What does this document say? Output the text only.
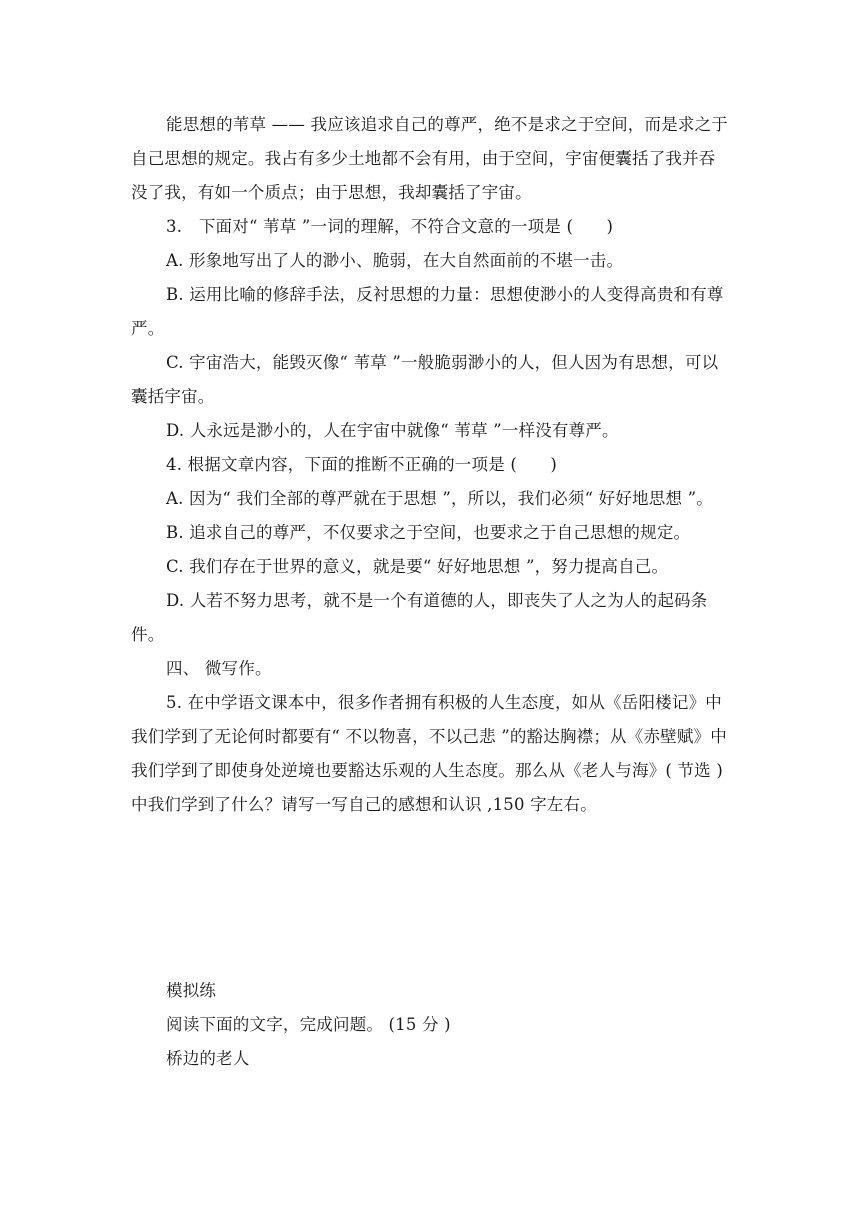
能思想的苇草 —— 我应该追求自己的尊严，绝不是求之于空间，而是求之于自己思想的规定。我占有多少土地都不会有用，由于空间，宇宙便囊括了我并吞没了我，有如一个质点；由于思想，我却囊括了宇宙。

3.　下面对“ 苇草 ”一词的理解，不符合文意的一项是 (　　)

A. 形象地写出了人的渺小、脆弱，在大自然面前的不堪一击。

B. 运用比喻的修辞手法，反衬思想的力量：思想使渺小的人变得高贵和有尊严。

C. 宇宙浩大，能毁灭像“ 苇草 ”一般脆弱渺小的人，但人因为有思想，可以囊括宇宙。

D. 人永远是渺小的，人在宇宙中就像“ 苇草 ”一样没有尊严。

4. 根据文章内容，下面的推断不正确的一项是 (　　)

A. 因为“ 我们全部的尊严就在于思想 ”，所以，我们必须“ 好好地思想 ”。

B. 追求自己的尊严，不仅要求之于空间，也要求之于自己思想的规定。

C. 我们存在于世界的意义，就是要“ 好好地思想 ”，努力提高自己。

D. 人若不努力思考，就不是一个有道德的人，即丧失了人之为人的起码条件。

四、 微写作。

5. 在中学语文课本中，很多作者拥有积极的人生态度，如从《岳阳楼记》中我们学到了无论何时都要有“ 不以物喜，不以己悲 ”的豁达胸襟；从《赤壁赋》中我们学到了即使身处逆境也要豁达乐观的人生态度。那么从《老人与海》( 节选 ) 中我们学到了什么？请写一写自己的感想和认识 ,150 字左右。

模拟练

阅读下面的文字，完成问题。 (15 分 )

桥边的老人
